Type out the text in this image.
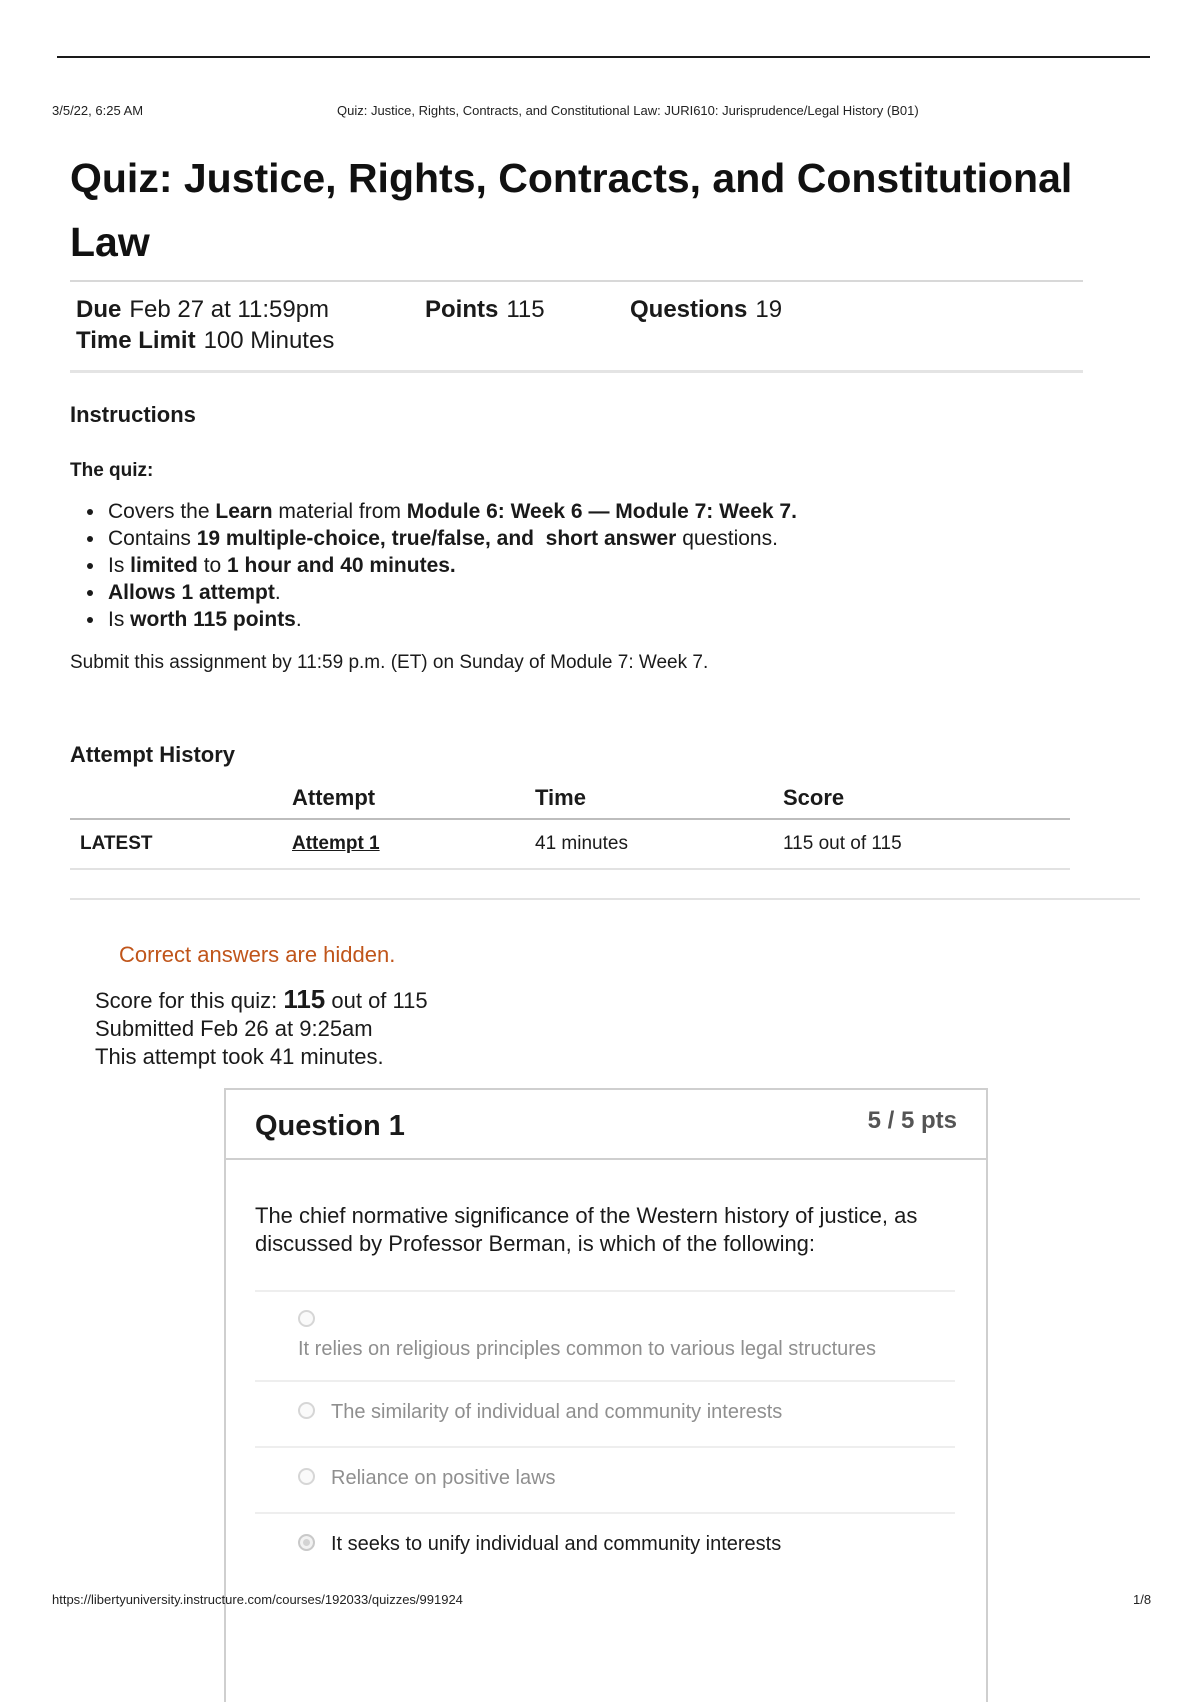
3/5/22, 6:25 AM	Quiz: Justice, Rights, Contracts, and Constitutional Law: JURI610: Jurisprudence/Legal History (B01)
Quiz: Justice, Rights, Contracts, and Constitutional Law
Due Feb 27 at 11:59pm	Points 115	Questions 19
Time Limit 100 Minutes
Instructions
The quiz:
• Covers the Learn material from Module 6: Week 6 — Module 7: Week 7.
• Contains 19 multiple-choice, true/false, and  short answer questions.
• Is limited to 1 hour and 40 minutes.
• Allows 1 attempt.
• Is worth 115 points.
Submit this assignment by 11:59 p.m. (ET) on Sunday of Module 7: Week 7.
Attempt History
	Attempt	Time	Score
LATEST	Attempt 1	41 minutes	115 out of 115
Correct answers are hidden.
Score for this quiz: 115 out of 115
Submitted Feb 26 at 9:25am
This attempt took 41 minutes.
Question 1	5 / 5 pts
The chief normative significance of the Western history of justice, as discussed by Professor Berman, is which of the following:
It relies on religious principles common to various legal structures
The similarity of individual and community interests
Reliance on positive laws
It seeks to unify individual and community interests
https://libertyuniversity.instructure.com/courses/192033/quizzes/991924	1/8
